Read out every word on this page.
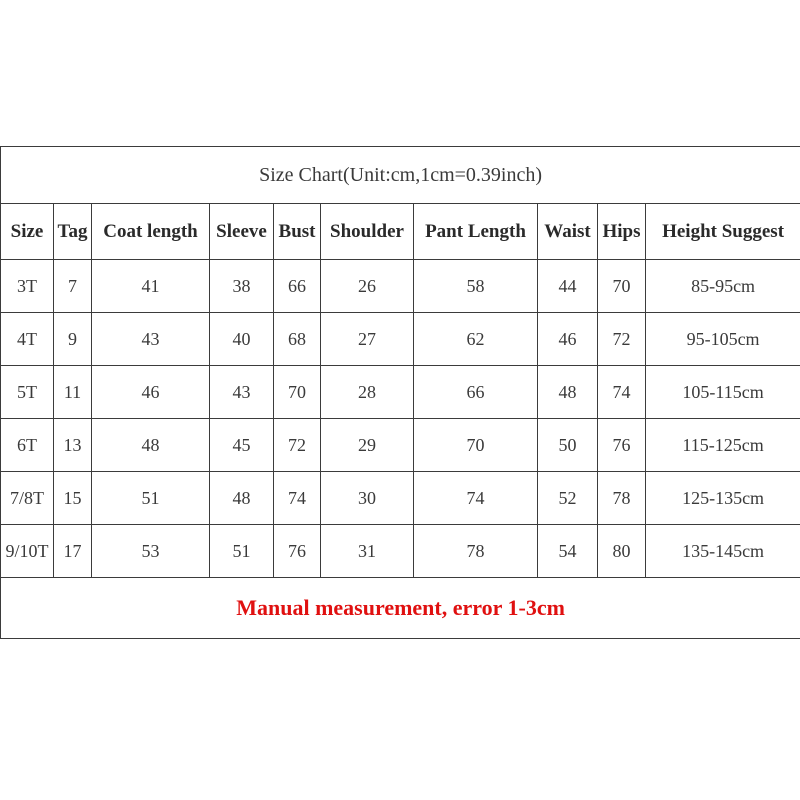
Size Chart(Unit:cm,1cm=0.39inch)									
Size	Tag	Coat length	Sleeve	Bust	Shoulder	Pant Length	Waist	Hips	Height Suggest
3T	7	41	38	66	26	58	44	70	85-95cm
4T	9	43	40	68	27	62	46	72	95-105cm
5T	11	46	43	70	28	66	48	74	105-115cm
6T	13	48	45	72	29	70	50	76	115-125cm
7/8T	15	51	48	74	30	74	52	78	125-135cm
9/10T	17	53	51	76	31	78	54	80	135-145cm
Manual measurement, error 1-3cm									
